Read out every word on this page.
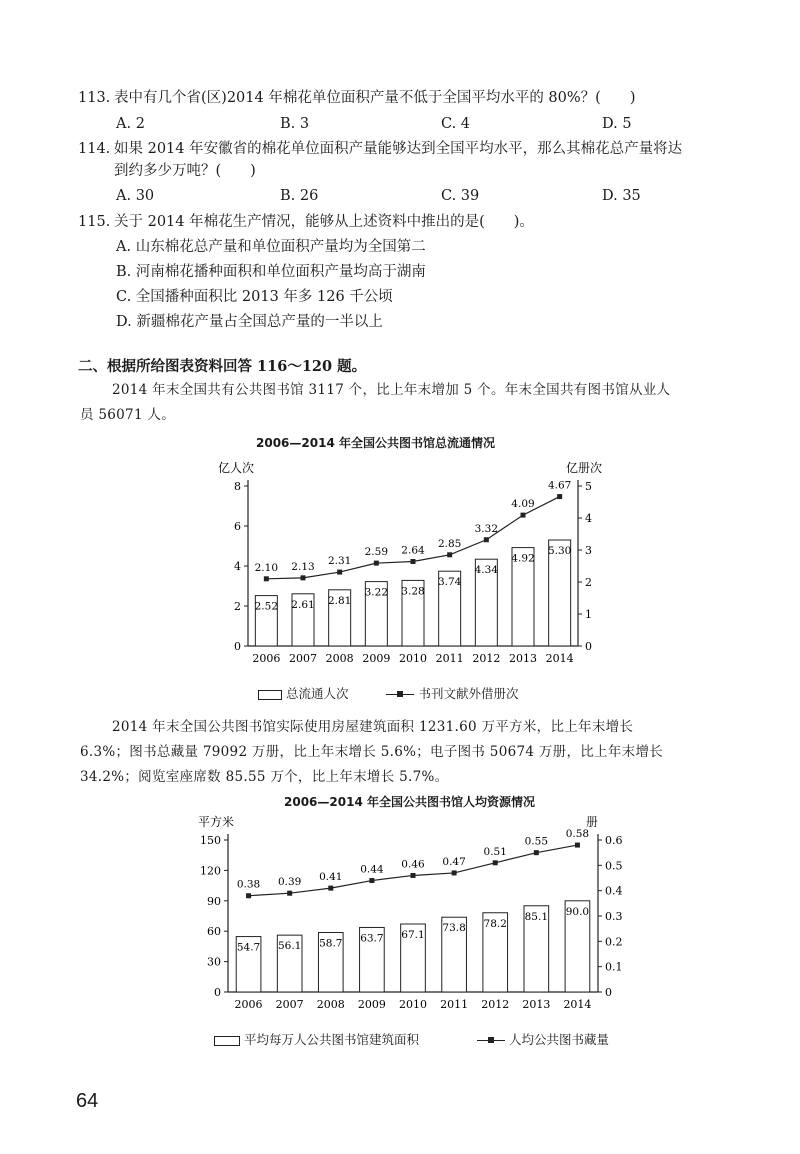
113. 表中有几个省(区)2014 年棉花单位面积产量不低于全国平均水平的 80%？(　　)
A. 2	B. 3	C. 4	D. 5
114. 如果 2014 年安徽省的棉花单位面积产量能够达到全国平均水平，那么其棉花总产量将达
到约多少万吨？(　　)
A. 30	B. 26	C. 39	D. 35
115. 关于 2014 年棉花生产情况，能够从上述资料中推出的是(　　)。
A. 山东棉花总产量和单位面积产量均为全国第二
B. 河南棉花播种面积和单位面积产量均高于湖南
C. 全国播种面积比 2013 年多 126 千公顷
D. 新疆棉花产量占全国总产量的一半以上
二、根据所给图表资料回答 116～120 题。
2014 年末全国共有公共图书馆 3117 个，比上年末增加 5 个。年末全国共有图书馆从业人
员 56071 人。
2006—2014 年全国公共图书馆总流通情况
亿人次	亿册次
0
2
4
6
8
0
1
2
3
4
5
2.52 2.61 2.81
3.22 3.28
3.74
4.34
4.92
5.30
2006 2007 2008 2009 2010 2011 2012 2013 2014
2.10 2.13 2.31
2.59 2.64
2.85
3.32
4.09
4.67
总流通人次	书刊文献外借册次
2014 年末全国公共图书馆实际使用房屋建筑面积 1231.60 万平方米，比上年末增长
6.3%；图书总藏量 79092 万册，比上年末增长 5.6%；电子图书 50674 万册，比上年末增长
34.2%；阅览室座席数 85.55 万个，比上年末增长 5.7%。
2006—2014 年全国公共图书馆人均资源情况
平方米	册
0
30
60
90
120
150
0
0.1
0.2
0.3
0.4
0.5
0.6
54.7 56.1 58.7 63.7 67.1
73.8 78.2
85.1 90.0
2006 2007 2008 2009 2010 2011 2012 2013 2014
0.38 0.39 0.41
0.44 0.46 0.47
0.51
0.55
0.58
平均每万人公共图书馆建筑面积	人均公共图书藏量
64
